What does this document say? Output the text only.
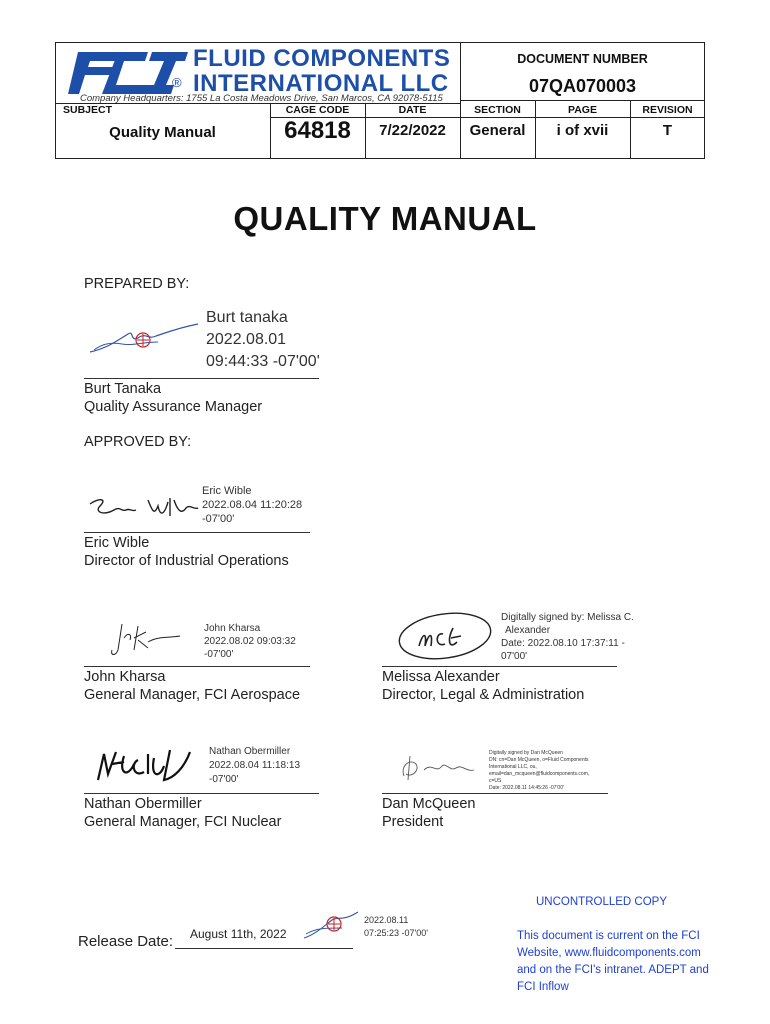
FLUID COMPONENTS
® INTERNATIONAL LLC
Company Headquarters: 1755 La Costa Meadows Drive, San Marcos, CA 92078-5115
DOCUMENT NUMBER
07QA070003
SUBJECT
Quality Manual
CAGE CODE
64818
DATE
7/22/2022
SECTION
General
PAGE
i of xvii
REVISION
T
QUALITY MANUAL
PREPARED BY:
Burt tanaka
2022.08.01
09:44:33 -07'00'
Burt Tanaka
Quality Assurance Manager
APPROVED BY:
Eric Wible
2022.08.04 11:20:28
-07'00'
Eric Wible
Director of Industrial Operations
John Kharsa
2022.08.02 09:03:32
-07'00'
John Kharsa
General Manager, FCI Aerospace
Digitally signed by: Melissa C.
Alexander
Date: 2022.08.10 17:37:11 -
07'00'
Melissa Alexander
Director, Legal & Administration
Nathan Obermiller
2022.08.04 11:18:13
-07'00'
Nathan Obermiller
General Manager, FCI Nuclear
Digitally signed by Dan McQueen
DN: cn=Dan McQueen, o=Fluid Components
International LLC, ou,
email=dan_mcqueen@fluidcomponents.com,
c=US
Date: 2022.08.11 14:45:26 -07'00'
Dan McQueen
President
Release Date: August 11th, 2022
2022.08.11
07:25:23 -07'00'
UNCONTROLLED COPY
This document is current on the FCI
Website, www.fluidcomponents.com
and on the FCI's intranet. ADEPT and
FCI Inflow
